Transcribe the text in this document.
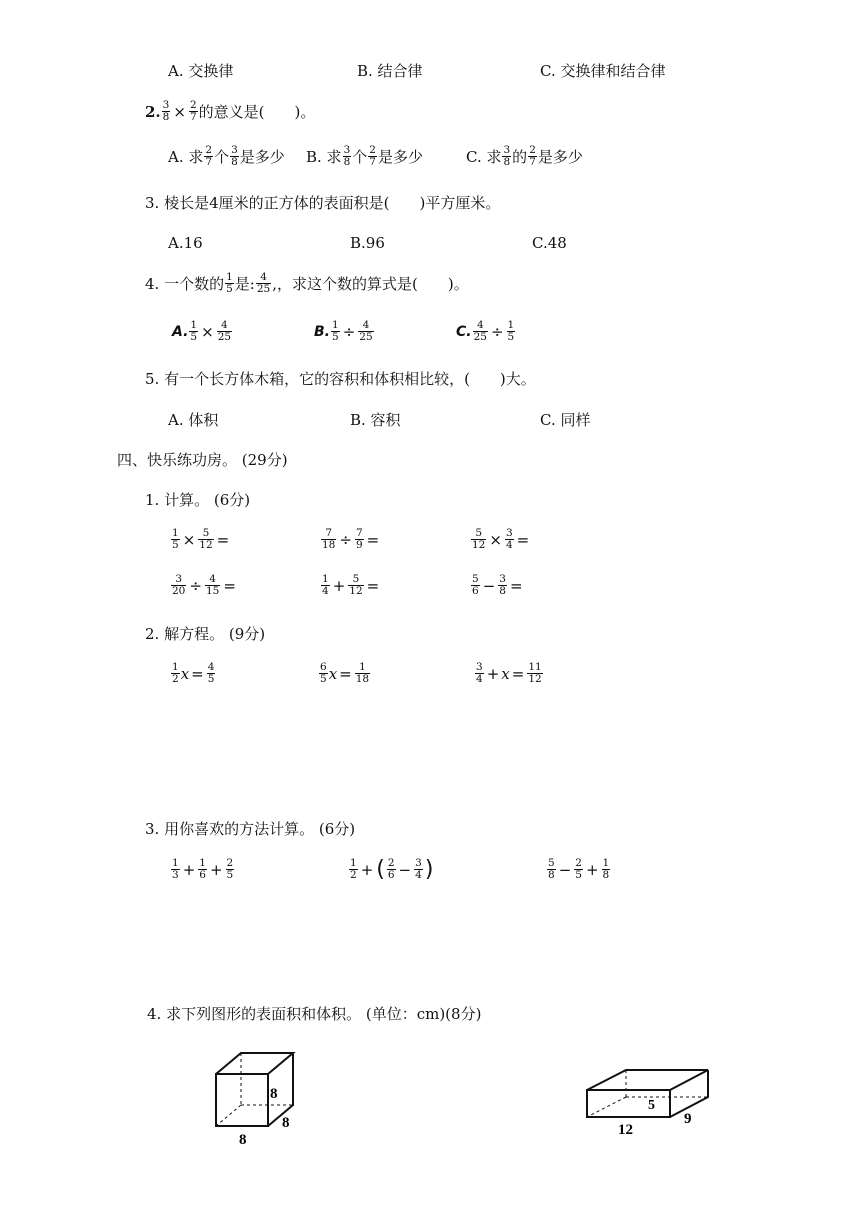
A. 交换律	B. 结合律	C. 交换律和结合律
2. $\frac{3}{8} \times \frac{2}{7}$ 的意义是(　　)。
A. 求 $\frac{2}{7}$ 个 $\frac{3}{8}$ 是多少 B. 求 $\frac{3}{8}$ 个 $\frac{2}{7}$ 是多少	C. 求 $\frac{3}{8}$ 的 $\frac{2}{7}$ 是多少
3. 棱长是4厘米的正方体的表面积是(　　)平方厘米。
A.16	B.96	C.48
4. 一个数的 $\frac{1}{5}$ 是: $\frac{4}{25}$ ,，求这个数的算式是(　　)。
A. $\frac{1}{5} \times \frac{4}{25}$	B. $\frac{1}{5} \div \frac{4}{25}$	C. $\frac{4}{25} \div \frac{1}{5}$
5. 有一个长方体木箱，它的容积和体积相比较，(　　)大。
A. 体积	B. 容积	C. 同样
四、快乐练功房。 (29分)
1. 计算。 (6分)
$\frac{1}{5} \times \frac{5}{12}$ =	$\frac{7}{18} \div \frac{7}{9}$ =	$\frac{5}{12} \times \frac{3}{4}$ =
$\frac{3}{20} \div \frac{4}{15}$ =	$\frac{1}{4} + \frac{5}{12}$ =	$\frac{5}{6} - \frac{3}{8}$ =
2. 解方程。 (9分)
$\frac{1}{2}$ $x = \frac{4}{5}$	$\frac{6}{5}$ $x = \frac{1}{18}$	$\frac{3}{4} + x = \frac{11}{12}$
3. 用你喜欢的方法计算。 (6分)
$\frac{1}{3} + \frac{1}{6} + \frac{2}{5}$	$\frac{1}{2}$ + ( $\frac{2}{6} - \frac{3}{4}$ )	$\frac{5}{8} - \frac{2}{5} + \frac{1}{8}$
4. 求下列图形的表面积和体积。 (单位：cm)(8分)
8
8
8
5
12
9
